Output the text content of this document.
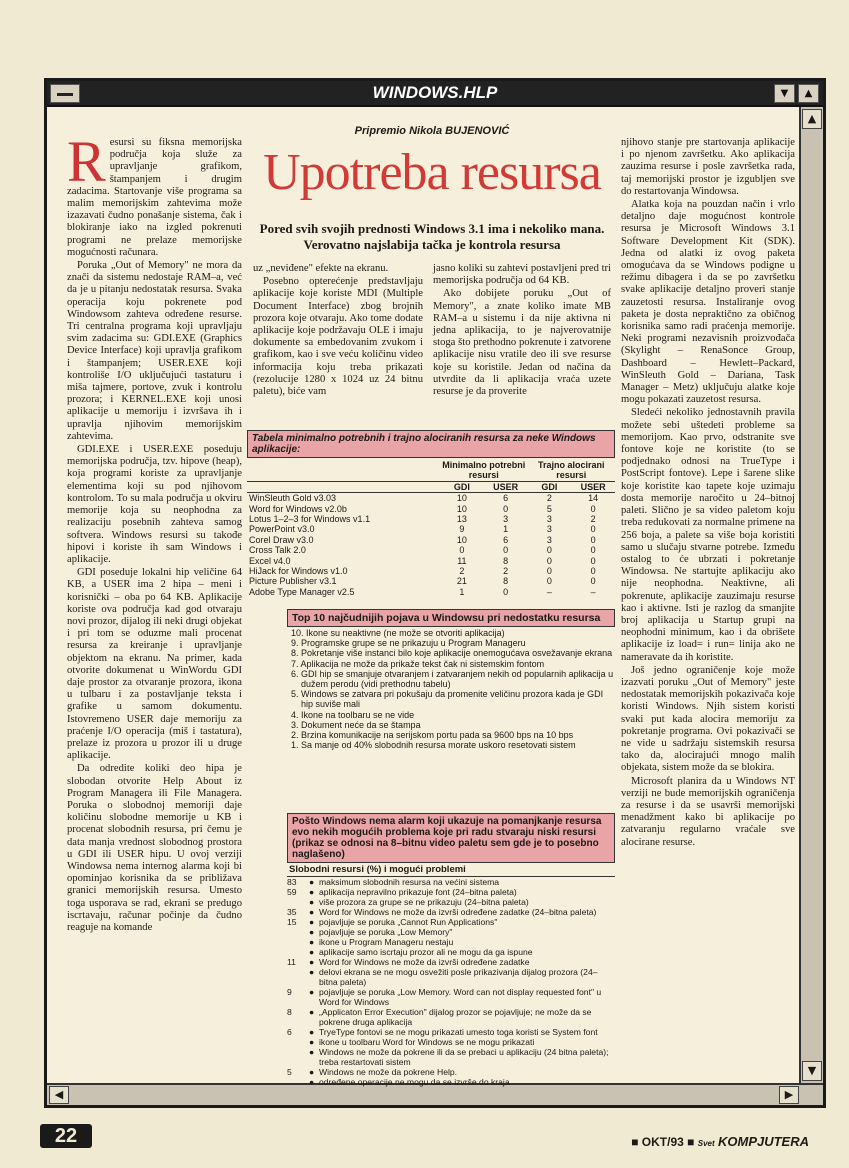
WINDOWS.HLP	▼	▲
▲
▼
◀	▶

Resursi su fiksna memorijska područja koja služe za upravljanje grafikom, štampanjem i drugim zadacima. Startovanje više programa sa malim memorijskim zahtevima može izazavati čudno ponašanje sistema, čak i blokiranje iako na izgled pokrenuti programi ne prelaze memorijske mogućnosti računara.

Poruka „Out of Memory" ne mora da znači da sistemu nedostaje RAM–a, već da je u pitanju nedostatak resursa. Svaka operacija koju pokrenete pod Windowsom zahteva određene resurse. Tri centralna programa koji upravljaju svim zadacima su: GDI.EXE (Graphics Device Interface) koji upravlja grafikom i štampanjem; USER.EXE koji kontroliše I/O uključujući tastaturu i miša tajmere, portove, zvuk i kontrolu prozora; i KERNEL.EXE koji unosi aplikacije u memoriju i izvršava ih i upravlja njihovim memorijskim zahtevima.

GDI.EXE i USER.EXE poseduju memorijska područja, tzv. hipove (heap), koja programi koriste za upravljanje elementima koji su pod njihovom kontrolom. To su mala područja u okviru memorije koja su neophodna za realizaciju posebnih zahteva samog softvera. Windows resursi su takođe hipovi i koriste ih sam Windows i aplikacije.

GDI poseduje lokalni hip veličine 64 KB, a USER ima 2 hipa – meni i korisnički – oba po 64 KB. Aplikacije koriste ova područja kad god otvaraju novi prozor, dijalog ili neki drugi objekat i pri tom se oduzme mali procenat resursa za kreiranje i upravljanje objektom na ekranu. Na primer, kada otvorite dokumenat u WinWordu GDI daje prostor za otvaranje prozora, ikona u tulbaru i za postavljanje teksta i grafike u samom dokumentu. Istovremeno USER daje memoriju za praćenje I/O operacija (miš i tastatura), prelaze iz prozora u prozor ili u druge aplikacije.

Da odredite koliki deo hipa je slobodan otvorite Help About iz Program Managera ili File Managera. Poruka o slobodnoj memoriji daje količinu slobodne memorije u KB i procenat slobodnih resursa, pri čemu je data manja vrednost slobodnog prostora u GDI ili USER hipu. U ovoj verziji Windowsa nema internog alarma koji bi opominjao korisnika da se približava granici memorijskih resursa. Umesto toga usporava se rad, ekrani se predugo iscrtavaju, računar počinje da čudno reaguje na komande

Pripremio Nikola BUJENOVIĆ
Upotreba resursa
Pored svih svojih prednosti Windows 3.1 ima i nekoliko mana. Verovatno najslabija tačka je kontrola resursa

uz „neviđene" efekte na ekranu.

Posebno opterećenje predstavljaju aplikacije koje koriste MDI (Multiple Document Interface) zbog brojnih prozora koje otvaraju. Ako tome dodate aplikacije koje podržavaju OLE i imaju dokumente sa embedovanim zvukom i grafikom, kao i sve veću količinu video informacija koju treba prikazati (rezolucije 1280 x 1024 uz 24 bitnu paletu), biće vam

jasno koliki su zahtevi postavljeni pred tri memorijska područja od 64 KB.

Ako dobijete poruku „Out of Memory", a znate koliko imate MB RAM–a u sistemu i da nije aktivna ni jedna aplikacija, to je najverovatnije stoga što prethodno pokrenute i zatvorene aplikacije nisu vratile deo ili sve resurse koje su koristile. Jedan od načina da utvrdite da li aplikacija vraća uzete resurse je da proverite

Tabela minimalno potrebnih i trajno alociranih resursa za neke Windows aplikacije:
	Minimalno potrebni resursi		Trajno alocirani resursi	
	GDI	USER	GDI	USER
WinSleuth Gold v3.03	10	6	2	14
Word for Windows v2.0b	10	0	5	0
Lotus 1–2–3 for Windows v1.1	13	3	3	2
PowerPoint v3.0	9	1	3	0
Corel Draw v3.0	10	6	3	0
Cross Talk 2.0	0	0	0	0
Excel v4.0	11	8	0	0
HiJack for Windows v1.0	2	2	0	0
Picture Publisher v3.1	21	8	0	0
Adobe Type Manager v2.5	1	0	–	–
Top 10 najčudnijih pojava u Windowsu pri nedostatku resursa
10. Ikone su neaktivne (ne može se otvoriti aplikacija)
9. Programske grupe se ne prikazuju u Program Manageru
8. Pokretanje više instanci bilo koje aplikacije onemogućava osvežavanje ekrana
7. Aplikacija ne može da prikaže tekst čak ni sistemskim fontom
6. GDI hip se smanjuje otvaranjem i zatvaranjem nekih od popularnih aplikacija u dužem perodu (vidi prethodnu tabelu)
5. Windows se zatvara pri pokušaju da promenite veličinu prozora kada je GDI hip suviše mali
4. Ikone na toolbaru se ne vide
3. Dokument neće da se štampa
2. Brzina komunikacije na serijskom portu pada sa 9600 bps na 10 bps
1. Sa manje od 40% slobodnih resursa morate uskoro resetovati sistem
Pošto Windows nema alarm koji ukazuje na pomanjkanje resursa evo nekih mogućih problema koje pri radu stvaraju niski resursi (prikaz se odnosi na 8–bitnu video paletu sem gde je to posebno naglašeno)
Slobodni resursi (%) i mogući problemi
83	● maksimum slobodnih resursa na većini sistema
59	● aplikacija nepravilno prikazuje font (24–bitna paleta)
● više prozora za grupe se ne prikazuju (24–bitna paleta)
35	● Word for Windows ne može da izvrši određene zadatke (24–bitna paleta)
15	● pojavljuje se poruka „Cannot Run Applications"
● pojavljuje se poruka „Low Memory"
● ikone u Program Manageru nestaju
● aplikacije samo iscrtaju prozor ali ne mogu da ga ispune
11	● Word for Windows ne može da izvrši određene zadatke
● delovi ekrana se ne mogu osvežiti posle prikazivanja dijalog prozora (24–bitna paleta)
9	● pojavljuje se poruka „Low Memory. Word can not display requested font" u Word for Windows
8	● „Applicaton Error Execution" dijalog prozor se pojavljuje; ne može da se pokrene druga aplikacija
6	● TryeType fontovi se ne mogu prikazati umesto toga koristi se System font
● ikone u toolbaru Word for Windows se ne mogu prikazati
● Windows ne može da pokrene ili da se prebaci u aplikaciju (24 bitna paleta); treba restartovati sistem
5	● Windows ne može da pokrene Help.
● određene operacije ne mogu da se izvrše do kraja

njihovo stanje pre startovanja aplikacije i po njenom završetku. Ako aplikacija zauzima resurse i posle završetka rada, taj memorijski prostor je izgubljen sve do restartovanja Windowsa.

Alatka koja na pouzdan način i vrlo detaljno daje mogućnost kontrole resursa je Microsoft Windows 3.1 Software Development Kit (SDK). Jedna od alatki iz ovog paketa omogućava da se Windows podigne u režimu dibagera i da se po završetku svake aplikacije detaljno proveri stanje zauzetosti resursa. Instaliranje ovog paketa je dosta nepraktično za običnog korisnika samo radi praćenja memorije. Neki programi nezavisnih proizvođača (Skylight – RenaSonce Group, Dashboard – Hewlett–Packard, WinSleuth Gold – Dariana, Task Manager – Metz) uključuju alatke koje mogu pokazati zauzetost resursa.

Sledeći nekoliko jednostavnih pravila možete sebi uštedeti probleme sa memorijom. Kao prvo, odstranite sve fontove koje ne koristite (to se podjednako odnosi na TrueType i PostScript fontove). Lepe i šarene slike koje koristite kao tapete koje uzimaju dosta memorije naročito u 24–bitnoj paleti. Slično je sa video paletom koju treba redukovati za normalne primene na 256 boja, a palete sa više boja koristiti samo u slučaju stvarne potrebe. Između ostalog to će ubrzati i pokretanje Windowsa. Ne startujte aplikaciju ako nije neophodna. Neaktivne, ali pokrenute, aplikacije zauzimaju resurse kao i aktivne. Isti je razlog da smanjite broj aplikacija u Startup grupi na neophodni minimum, kao i da obrišete aplikacije iz load= i run= linija ako ne nameravate da ih koristite.

Još jedno ograničenje koje može izazvati poruku „Out of Memory" jeste nedostatak memorijskih pokazivača koje koristi Windows. Njih sistem koristi svaki put kada alocira memoriju za pokretanje programa. Ovi pokazivači se ne vide u sadržaju sistemskih resursa tako da, alocirajući mnogo malih objekata, sistem može da se blokira.

Microsoft planira da u Windows NT verziji ne bude memorijskih ograničenja za resurse i da se usavrši memorijski menadžment kako bi aplikacije po zatvaranju regularno vraćale sve alocirane resurse.

22	■ OKT/93 ■ Svet KOMPJUTERA
